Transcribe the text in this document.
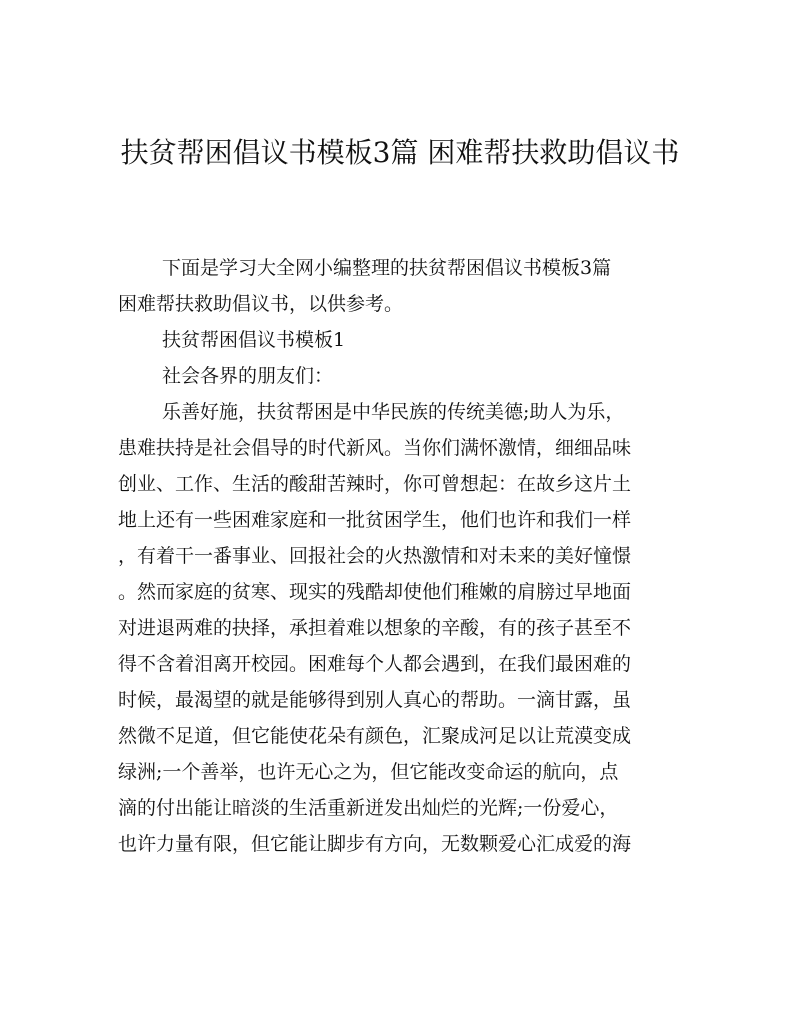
扶贫帮困倡议书模板3篇 困难帮扶救助倡议书

下面是学习大全网小编整理的扶贫帮困倡议书模板3篇
困难帮扶救助倡议书，以供参考。

扶贫帮困倡议书模板1

社会各界的朋友们：

乐善好施，扶贫帮困是中华民族的传统美德;助人为乐，
患难扶持是社会倡导的时代新风。当你们满怀激情，细细品味
创业、工作、生活的酸甜苦辣时，你可曾想起：在故乡这片土
地上还有一些困难家庭和一批贫困学生，他们也许和我们一样
，有着干一番事业、回报社会的火热激情和对未来的美好憧憬
。然而家庭的贫寒、现实的残酷却使他们稚嫩的肩膀过早地面
对进退两难的抉择，承担着难以想象的辛酸，有的孩子甚至不
得不含着泪离开校园。困难每个人都会遇到，在我们最困难的
时候，最渴望的就是能够得到别人真心的帮助。一滴甘露，虽
然微不足道，但它能使花朵有颜色，汇聚成河足以让荒漠变成
绿洲;一个善举，也许无心之为，但它能改变命运的航向，点
滴的付出能让暗淡的生活重新迸发出灿烂的光辉;一份爱心，
也许力量有限，但它能让脚步有方向，无数颗爱心汇成爱的海
